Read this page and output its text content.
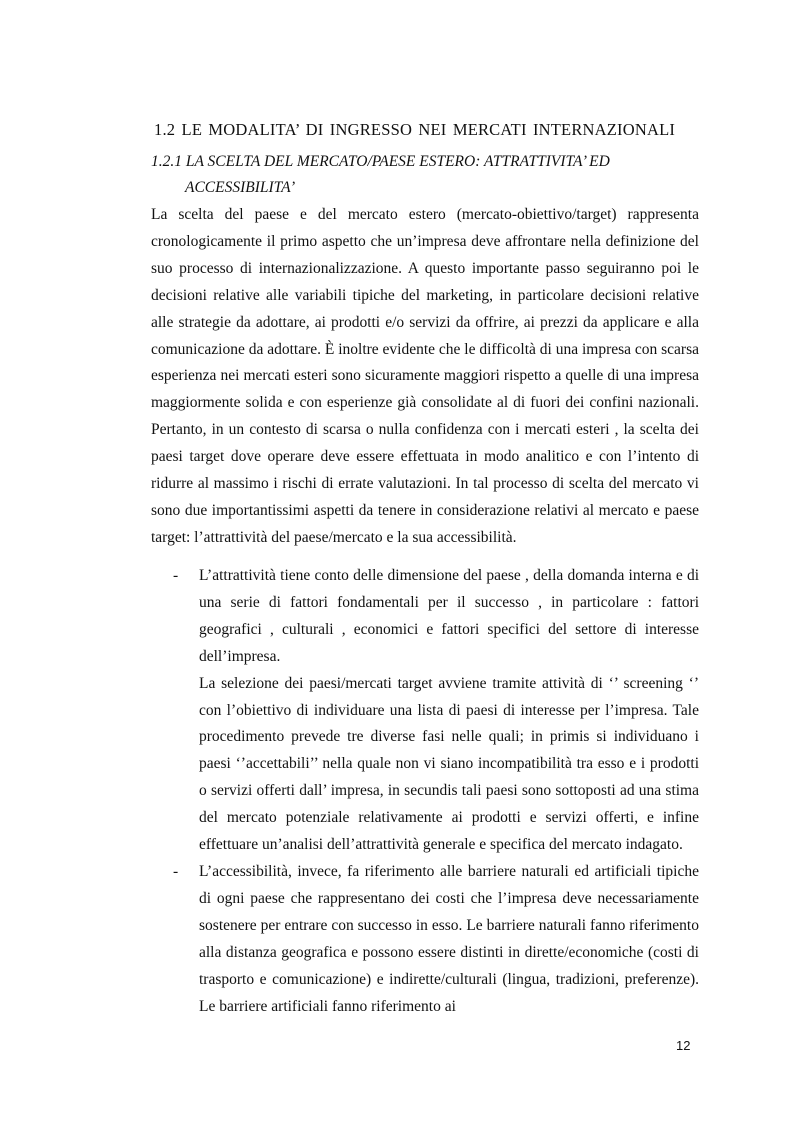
1.2 LE MODALITA’ DI INGRESSO NEI MERCATI INTERNAZIONALI
1.2.1 LA SCELTA DEL MERCATO/PAESE ESTERO: ATTRATTIVITA’ ED
ACCESSIBILITA’

La scelta del paese e del mercato estero (mercato-obiettivo/target) rappresenta cronologicamente il primo aspetto che un’impresa deve affrontare nella definizione del suo processo di internazionalizzazione. A questo importante passo seguiranno poi le decisioni relative alle variabili tipiche del marketing, in particolare decisioni relative alle strategie da adottare, ai prodotti e/o servizi da offrire, ai prezzi da applicare e alla comunicazione da adottare. È inoltre evidente che le difficoltà di una impresa con scarsa esperienza nei mercati esteri sono sicuramente maggiori rispetto a quelle di una impresa maggiormente solida e con esperienze già consolidate al di fuori dei confini nazionali. Pertanto, in un contesto di scarsa o nulla confidenza con i mercati esteri , la scelta dei paesi target dove operare deve essere effettuata in modo analitico e con l’intento di ridurre al massimo i rischi di errate valutazioni. In tal processo di scelta del mercato vi sono due importantissimi aspetti da tenere in considerazione relativi al mercato e paese target: l’attrattività del paese/mercato e la sua accessibilità.

- L’attrattività tiene conto delle dimensione del paese , della domanda interna e di una serie di fattori fondamentali per il successo , in particolare : fattori geografici , culturali , economici e fattori specifici del settore di interesse dell’impresa.

La selezione dei paesi/mercati target avviene tramite attività di ‘’ screening ‘’ con l’obiettivo di individuare una lista di paesi di interesse per l’impresa. Tale procedimento prevede tre diverse fasi nelle quali; in primis si individuano i paesi ‘’accettabili’’ nella quale non vi siano incompatibilità tra esso e i prodotti o servizi offerti dall’ impresa, in secundis tali paesi sono sottoposti ad una stima del mercato potenziale relativamente ai prodotti e servizi offerti, e infine effettuare un’analisi dell’attrattività generale e specifica del mercato indagato.

- L’accessibilità, invece, fa riferimento alle barriere naturali ed artificiali tipiche di ogni paese che rappresentano dei costi che l’impresa deve necessariamente sostenere per entrare con successo in esso. Le barriere naturali fanno riferimento alla distanza geografica e possono essere distinti in dirette/economiche (costi di trasporto e comunicazione) e indirette/culturali (lingua, tradizioni, preferenze). Le barriere artificiali fanno riferimento ai

12
